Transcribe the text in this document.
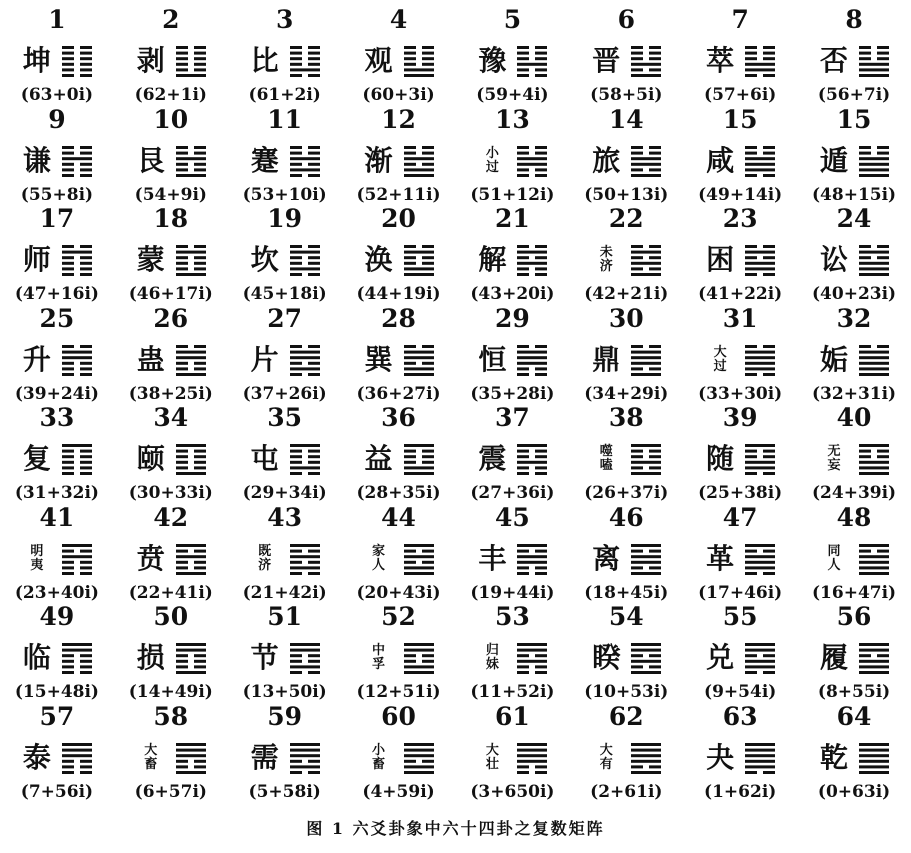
1
坤
(63+0i)
2
剥
(62+1i)
3
比
(61+2i)
4
观
(60+3i)
5
豫
(59+4i)
6
晋
(58+5i)
7
萃
(57+6i)
8
否
(56+7i)
9
谦
(55+8i)
10
艮
(54+9i)
11
蹇
(53+10i)
12
渐
(52+11i)
13
小过
(51+12i)
14
旅
(50+13i)
15
咸
(49+14i)
15
遁
(48+15i)
17
师
(47+16i)
18
蒙
(46+17i)
19
坎
(45+18i)
20
涣
(44+19i)
21
解
(43+20i)
22
未济
(42+21i)
23
困
(41+22i)
24
讼
(40+23i)
25
升
(39+24i)
26
蛊
(38+25i)
27
片
(37+26i)
28
巽
(36+27i)
29
恒
(35+28i)
30
鼎
(34+29i)
31
大过
(33+30i)
32
姤
(32+31i)
33
复
(31+32i)
34
颐
(30+33i)
35
屯
(29+34i)
36
益
(28+35i)
37
震
(27+36i)
38
噬嗑
(26+37i)
39
随
(25+38i)
40
无妄
(24+39i)
41
明夷
(23+40i)
42
贲
(22+41i)
43
既济
(21+42i)
44
家人
(20+43i)
45
丰
(19+44i)
46
离
(18+45i)
47
革
(17+46i)
48
同人
(16+47i)
49
临
(15+48i)
50
损
(14+49i)
51
节
(13+50i)
52
中孚
(12+51i)
53
归妹
(11+52i)
54
睽
(10+53i)
55
兑
(9+54i)
56
履
(8+55i)
57
泰
(7+56i)
58
大畜
(6+57i)
59
需
(5+58i)
60
小畜
(4+59i)
61
大壮
(3+650i)
62
大有
(2+61i)
63
夬
(1+62i)
64
乾
(0+63i)
图 1 六爻卦象中六十四卦之复数矩阵
